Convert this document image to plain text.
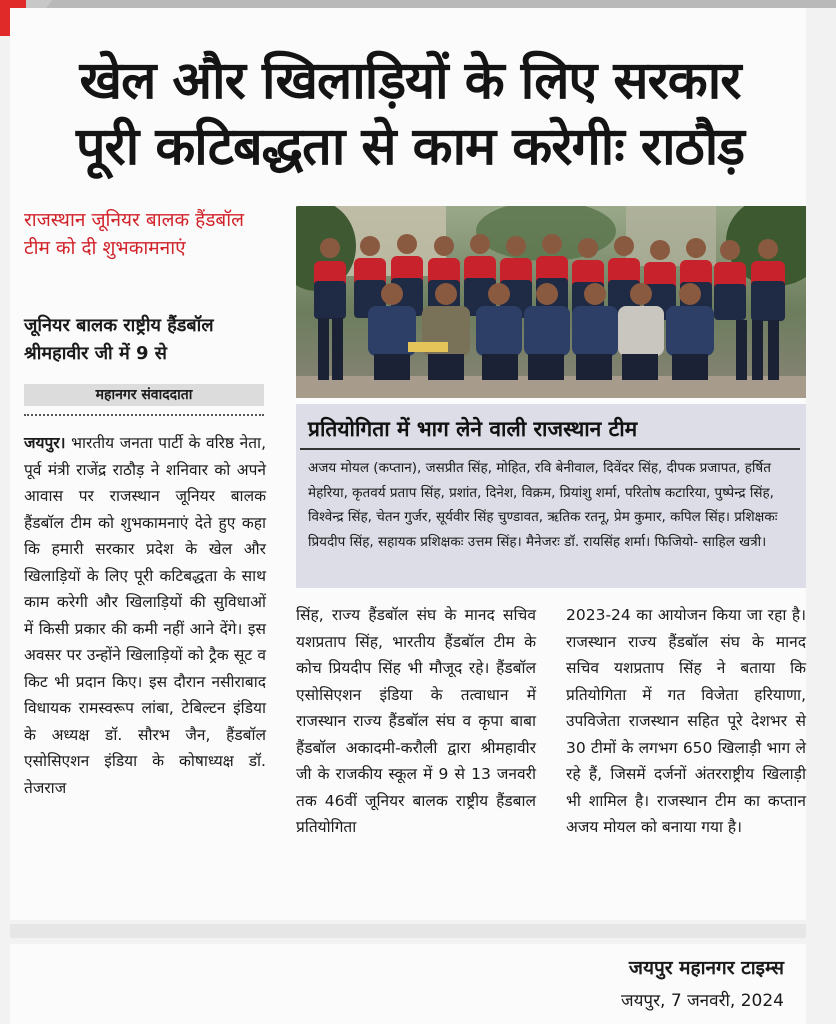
खेल और खिलाड़ियों के लिए सरकार
पूरी कटिबद्धता से काम करेगीः राठौड़
राजस्थान जूनियर बालक हैंडबॉल टीम को दी शुभकामनाएं
जूनियर बालक राष्ट्रीय हैंडबॉल श्रीमहावीर जी में 9 से
महानगर संवाददाता
जयपुर। भारतीय जनता पार्टी के वरिष्ठ नेता, पूर्व मंत्री राजेंद्र राठौड़ ने शनिवार को अपने आवास पर राजस्थान जूनियर बालक हैंडबॉल टीम को शुभकामनाएं देते हुए कहा कि हमारी सरकार प्रदेश के खेल और खिलाड़ियों के लिए पूरी कटिबद्धता के साथ काम करेगी और खिलाड़ियों की सुविधाओं में किसी प्रकार की कमी नहीं आने देंगे। इस अवसर पर उन्होंने खिलाड़ियों को ट्रैक सूट व किट भी प्रदान किए। इस दौरान नसीराबाद विधायक रामस्वरूप लांबा, टेबिल्टन इंडिया के अध्यक्ष डॉ. सौरभ जैन, हैंडबॉल एसोसिएशन इंडिया के कोषाध्यक्ष डॉ. तेजराज
प्रतियोगिता में भाग लेने वाली राजस्थान टीम
अजय मोयल (कप्तान), जसप्रीत सिंह, मोहित, रवि बेनीवाल, दिवेंदर सिंह, दीपक प्रजापत, हर्षित मेहरिया, कृतवर्य प्रताप सिंह, प्रशांत, दिनेश, विक्रम, प्रियांशु शर्मा, परितोष कटारिया, पुष्पेन्द्र सिंह, विश्वेन्द्र सिंह, चेतन गुर्जर, सूर्यवीर सिंह चुण्डावत, ऋतिक रतनू, प्रेम कुमार, कपिल सिंह। प्रशिक्षकः प्रियदीप सिंह, सहायक प्रशिक्षकः उत्तम सिंह। मैनेजरः डॉ. रायसिंह शर्मा। फिजियो- साहिल खत्री।
सिंह, राज्य हैंडबॉल संघ के मानद सचिव यशप्रताप सिंह, भारतीय हैंडबॉल टीम के कोच प्रियदीप सिंह भी मौजूद रहे। हैंडबॉल एसोसिएशन इंडिया के तत्वाधान में राजस्थान राज्य हैंडबॉल संघ व कृपा बाबा हैंडबॉल अकादमी-करौली द्वारा श्रीमहावीर जी के राजकीय स्कूल में 9 से 13 जनवरी तक 46वीं जूनियर बालक राष्ट्रीय हैंडबाल प्रतियोगिता
2023-24 का आयोजन किया जा रहा है। राजस्थान राज्य हैंडबॉल संघ के मानद सचिव यशप्रताप सिंह ने बताया कि प्रतियोगिता में गत विजेता हरियाणा, उपविजेता राजस्थान सहित पूरे देशभर से 30 टीमों के लगभग 650 खिलाड़ी भाग ले रहे हैं, जिसमें दर्जनों अंतरराष्ट्रीय खिलाड़ी भी शामिल है। राजस्थान टीम का कप्तान अजय मोयल को बनाया गया है।
जयपुर महानगर टाइम्स
जयपुर, 7 जनवरी, 2024
